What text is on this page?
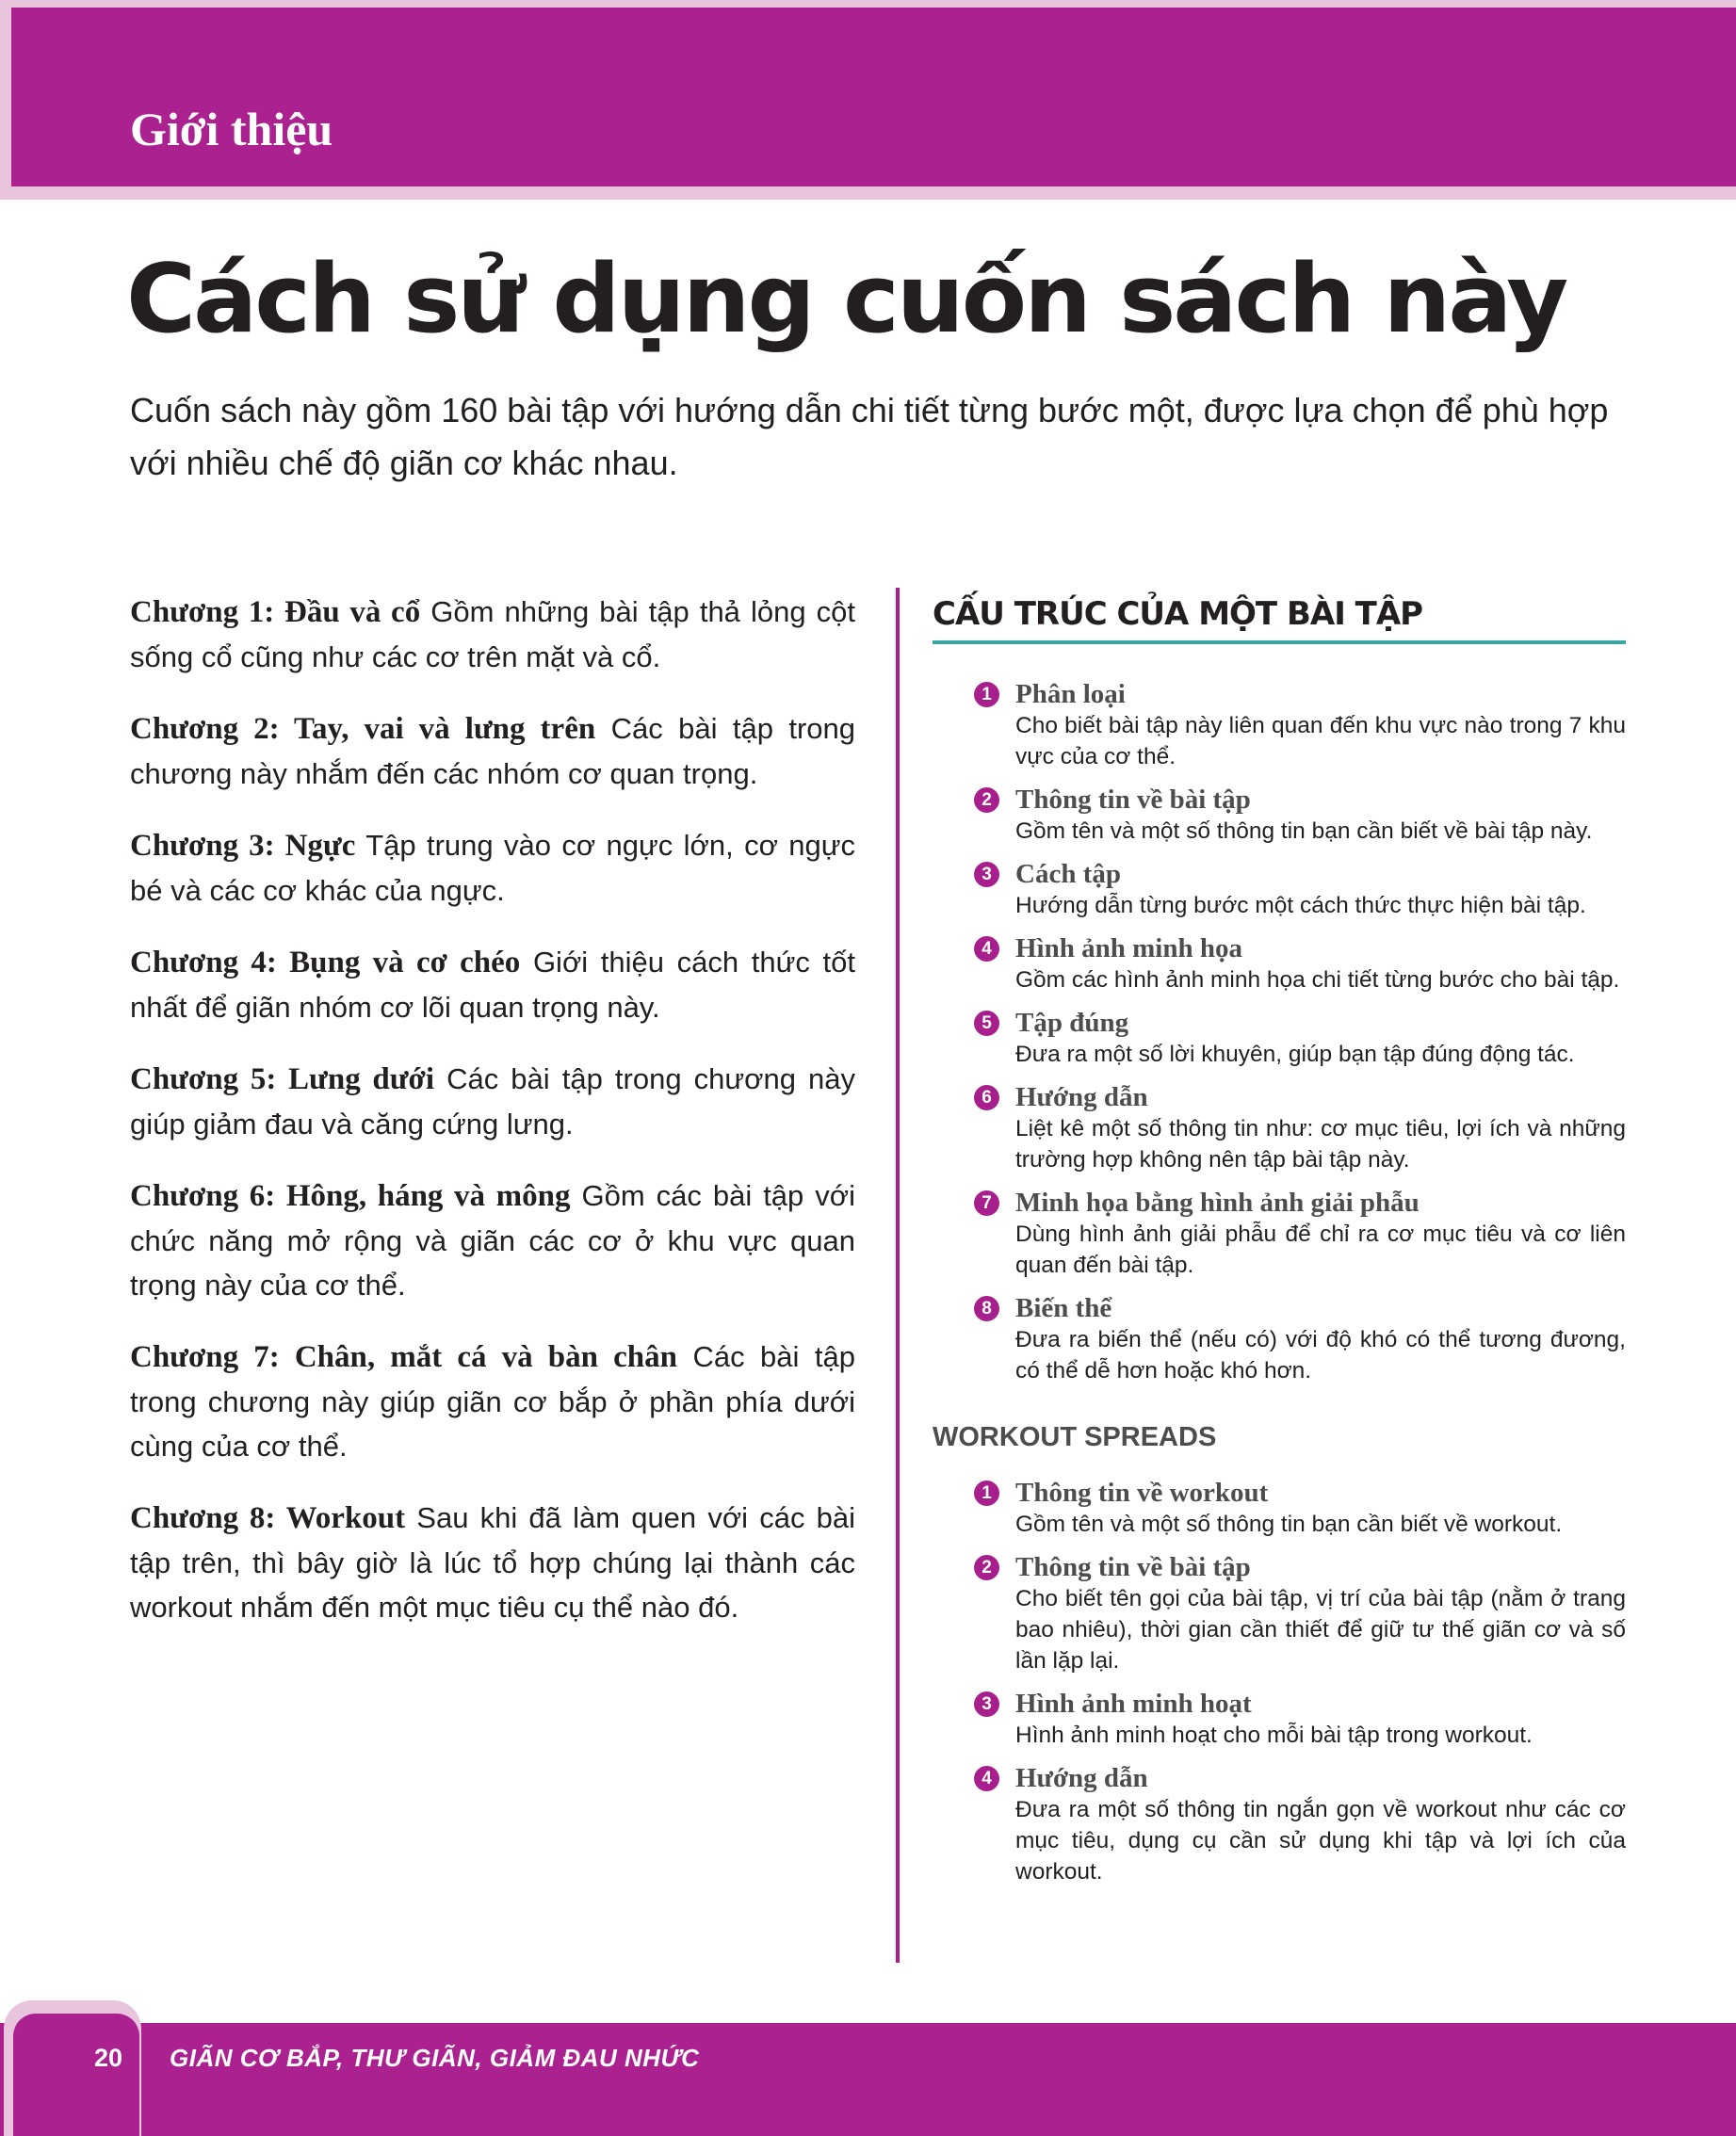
Giới thiệu
Cách sử dụng cuốn sách này
Cuốn sách này gồm 160 bài tập với hướng dẫn chi tiết từng bước một, được lựa chọn để phù hợp với nhiều chế độ giãn cơ khác nhau.

Chương 1: Đầu và cổ Gồm những bài tập thả lỏng cột sống cổ cũng như các cơ trên mặt và cổ.

Chương 2: Tay, vai và lưng trên Các bài tập trong chương này nhắm đến các nhóm cơ quan trọng.

Chương 3: Ngực Tập trung vào cơ ngực lớn, cơ ngực bé và các cơ khác của ngực.

Chương 4: Bụng và cơ chéo Giới thiệu cách thức tốt nhất để giãn nhóm cơ lõi quan trọng này.

Chương 5: Lưng dưới Các bài tập trong chương này giúp giảm đau và căng cứng lưng.

Chương 6: Hông, háng và mông Gồm các bài tập với chức năng mở rộng và giãn các cơ ở khu vực quan trọng này của cơ thể.

Chương 7: Chân, mắt cá và bàn chân Các bài tập trong chương này giúp giãn cơ bắp ở phần phía dưới cùng của cơ thể.

Chương 8: Workout Sau khi đã làm quen với các bài tập trên, thì bây giờ là lúc tổ hợp chúng lại thành các workout nhắm đến một mục tiêu cụ thể nào đó.

CẤU TRÚC CỦA MỘT BÀI TẬP
1 Phân loại
Cho biết bài tập này liên quan đến khu vực nào trong 7 khu vực của cơ thể.
2 Thông tin về bài tập
Gồm tên và một số thông tin bạn cần biết về bài tập này.
3 Cách tập
Hướng dẫn từng bước một cách thức thực hiện bài tập.
4 Hình ảnh minh họa
Gồm các hình ảnh minh họa chi tiết từng bước cho bài tập.
5 Tập đúng
Đưa ra một số lời khuyên, giúp bạn tập đúng động tác.
6 Hướng dẫn
Liệt kê một số thông tin như: cơ mục tiêu, lợi ích và những trường hợp không nên tập bài tập này.
7 Minh họa bằng hình ảnh giải phẫu
Dùng hình ảnh giải phẫu để chỉ ra cơ mục tiêu và cơ liên quan đến bài tập.
8 Biến thể
Đưa ra biến thể (nếu có) với độ khó có thể tương đương, có thể dễ hơn hoặc khó hơn.
WORKOUT SPREADS
1 Thông tin về workout
Gồm tên và một số thông tin bạn cần biết về workout.
2 Thông tin về bài tập
Cho biết tên gọi của bài tập, vị trí của bài tập (nằm ở trang bao nhiêu), thời gian cần thiết để giữ tư thế giãn cơ và số lần lặp lại.
3 Hình ảnh minh hoạt
Hình ảnh minh hoạt cho mỗi bài tập trong workout.
4 Hướng dẫn
Đưa ra một số thông tin ngắn gọn về workout như các cơ mục tiêu, dụng cụ cần sử dụng khi tập và lợi ích của workout.
20 GIÃN CƠ BẮP, THƯ GIÃN, GIẢM ĐAU NHỨC
